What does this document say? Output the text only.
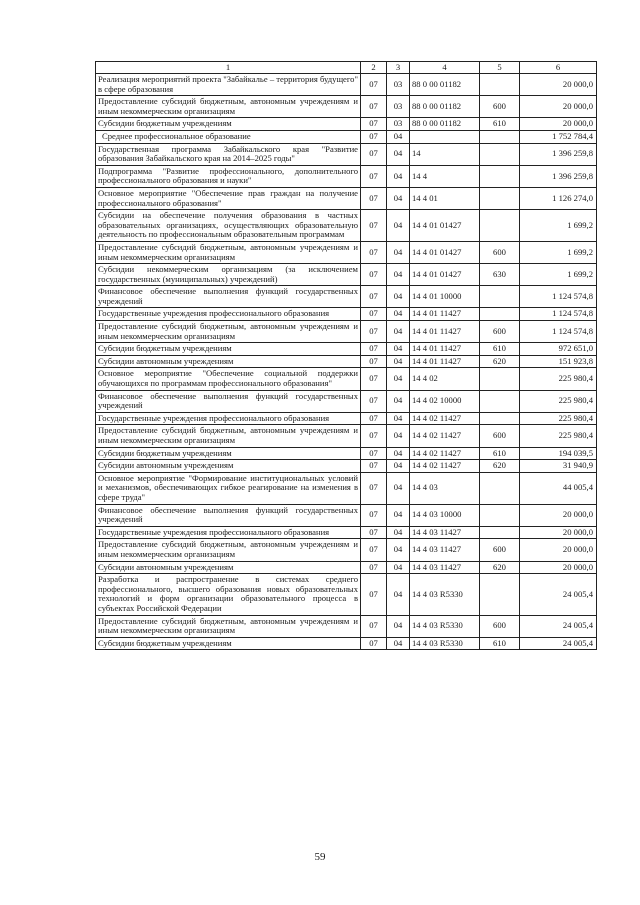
1	2	3	4	5	6
Реализация мероприятий проекта "Забайкалье – территория будущего" в сфере образования	07	03	88 0 00 01182		20 000,0
Предоставление субсидий бюджетным, автономным учреждениям и иным некоммерческим организациям	07	03	88 0 00 01182	600	20 000,0
Субсидии бюджетным учреждениям	07	03	88 0 00 01182	610	20 000,0
Среднее профессиональное образование	07	04			1 752 784,4
Государственная программа Забайкальского края "Развитие образования Забайкальского края на 2014–2025 годы"	07	04	14		1 396 259,8
Подпрограмма "Развитие профессионального, дополнительного профессионального образования и науки"	07	04	14 4		1 396 259,8
Основное мероприятие "Обеспечение прав граждан на получение профессионального образования"	07	04	14 4 01		1 126 274,0
Субсидии на обеспечение получения образования в частных образовательных организациях, осуществляющих образовательную деятельность по профессиональным образовательным программам	07	04	14 4 01 01427		1 699,2
Предоставление субсидий бюджетным, автономным учреждениям и иным некоммерческим организациям	07	04	14 4 01 01427	600	1 699,2
Субсидии некоммерческим организациям (за исключением государственных (муниципальных) учреждений)	07	04	14 4 01 01427	630	1 699,2
Финансовое обеспечение выполнения функций государственных учреждений	07	04	14 4 01 10000		1 124 574,8
Государственные учреждения профессионального образования	07	04	14 4 01 11427		1 124 574,8
Предоставление субсидий бюджетным, автономным учреждениям и иным некоммерческим организациям	07	04	14 4 01 11427	600	1 124 574,8
Субсидии бюджетным учреждениям	07	04	14 4 01 11427	610	972 651,0
Субсидии автономным учреждениям	07	04	14 4 01 11427	620	151 923,8
Основное мероприятие "Обеспечение социальной поддержки обучающихся по программам профессионального образования"	07	04	14 4 02		225 980,4
Финансовое обеспечение выполнения функций государственных учреждений	07	04	14 4 02 10000		225 980,4
Государственные учреждения профессионального образования	07	04	14 4 02 11427		225 980,4
Предоставление субсидий бюджетным, автономным учреждениям и иным некоммерческим организациям	07	04	14 4 02 11427	600	225 980,4
Субсидии бюджетным учреждениям	07	04	14 4 02 11427	610	194 039,5
Субсидии автономным учреждениям	07	04	14 4 02 11427	620	31 940,9
Основное мероприятие "Формирование институциональных условий и механизмов, обеспечивающих гибкое реагирование на изменения в сфере труда"	07	04	14 4 03		44 005,4
Финансовое обеспечение выполнения функций государственных учреждений	07	04	14 4 03 10000		20 000,0
Государственные учреждения профессионального образования	07	04	14 4 03 11427		20 000,0
Предоставление субсидий бюджетным, автономным учреждениям и иным некоммерческим организациям	07	04	14 4 03 11427	600	20 000,0
Субсидии автономным учреждениям	07	04	14 4 03 11427	620	20 000,0
Разработка и распространение в системах среднего профессионального, высшего образования новых образовательных технологий и форм организации образовательного процесса в субъектах Российской Федерации	07	04	14 4 03 R5330		24 005,4
Предоставление субсидий бюджетным, автономным учреждениям и иным некоммерческим организациям	07	04	14 4 03 R5330	600	24 005,4
Субсидии бюджетным учреждениям	07	04	14 4 03 R5330	610	24 005,4
59
